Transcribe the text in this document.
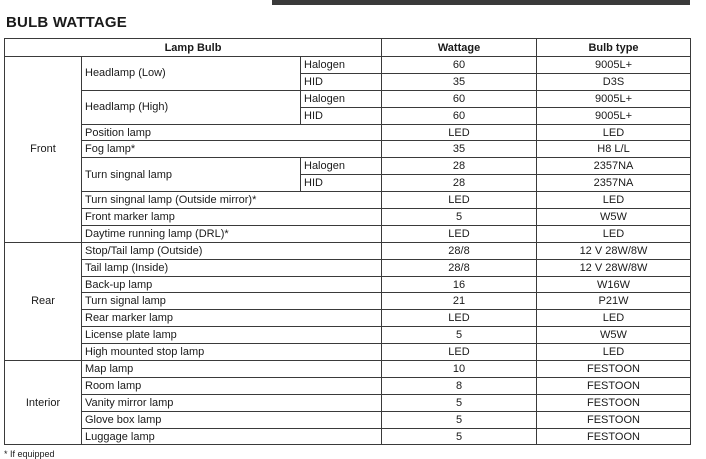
BULB WATTAGE
Lamp Bulb			Wattage	Bulb type
Front	Headlamp (Low)	Halogen	60	9005L+
		HID	35	D3S
	Headlamp (High)	Halogen	60	9005L+
		HID	60	9005L+
	Position lamp		LED	LED
	Fog lamp*		35	H8 L/L
	Turn singnal lamp	Halogen	28	2357NA
		HID	28	2357NA
	Turn singnal lamp (Outside mirror)*		LED	LED
	Front marker lamp		5	W5W
	Daytime running lamp (DRL)*		LED	LED
Rear	Stop/Tail lamp (Outside)		28/8	12 V 28W/8W
	Tail lamp (Inside)		28/8	12 V 28W/8W
	Back-up lamp		16	W16W
	Turn signal lamp		21	P21W
	Rear marker lamp		LED	LED
	License plate lamp		5	W5W
	High mounted stop lamp		LED	LED
Interior	Map lamp		10	FESTOON
	Room lamp		8	FESTOON
	Vanity mirror lamp		5	FESTOON
	Glove box lamp		5	FESTOON
	Luggage lamp		5	FESTOON
* If equipped
